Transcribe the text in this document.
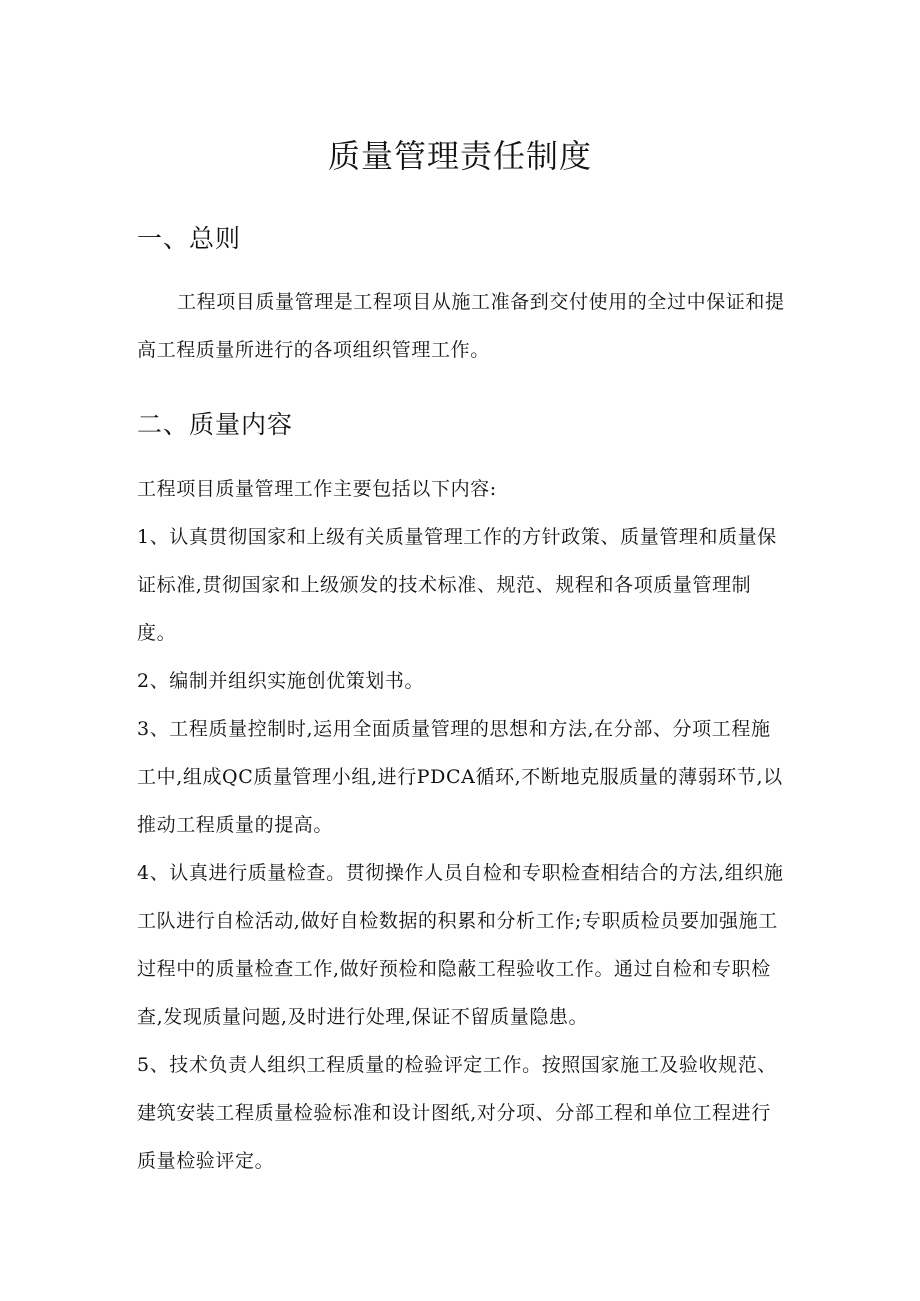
质量管理责任制度
一、总则
工程项目质量管理是工程项目从施工准备到交付使用的全过中保证和提高工程质量所进行的各项组织管理工作。
二、质量内容
工程项目质量管理工作主要包括以下内容:
1、认真贯彻国家和上级有关质量管理工作的方针政策、质量管理和质量保证标准,贯彻国家和上级颁发的技术标准、规范、规程和各项质量管理制度。
2、编制并组织实施创优策划书。
3、工程质量控制时,运用全面质量管理的思想和方法,在分部、分项工程施工中,组成QC质量管理小组,进行PDCA循环,不断地克服质量的薄弱环节,以推动工程质量的提高。
4、认真进行质量检查。贯彻操作人员自检和专职检查相结合的方法,组织施工队进行自检活动,做好自检数据的积累和分析工作;专职质检员要加强施工过程中的质量检查工作,做好预检和隐蔽工程验收工作。通过自检和专职检查,发现质量问题,及时进行处理,保证不留质量隐患。
5、技术负责人组织工程质量的检验评定工作。按照国家施工及验收规范、建筑安装工程质量检验标准和设计图纸,对分项、分部工程和单位工程进行质量检验评定。
